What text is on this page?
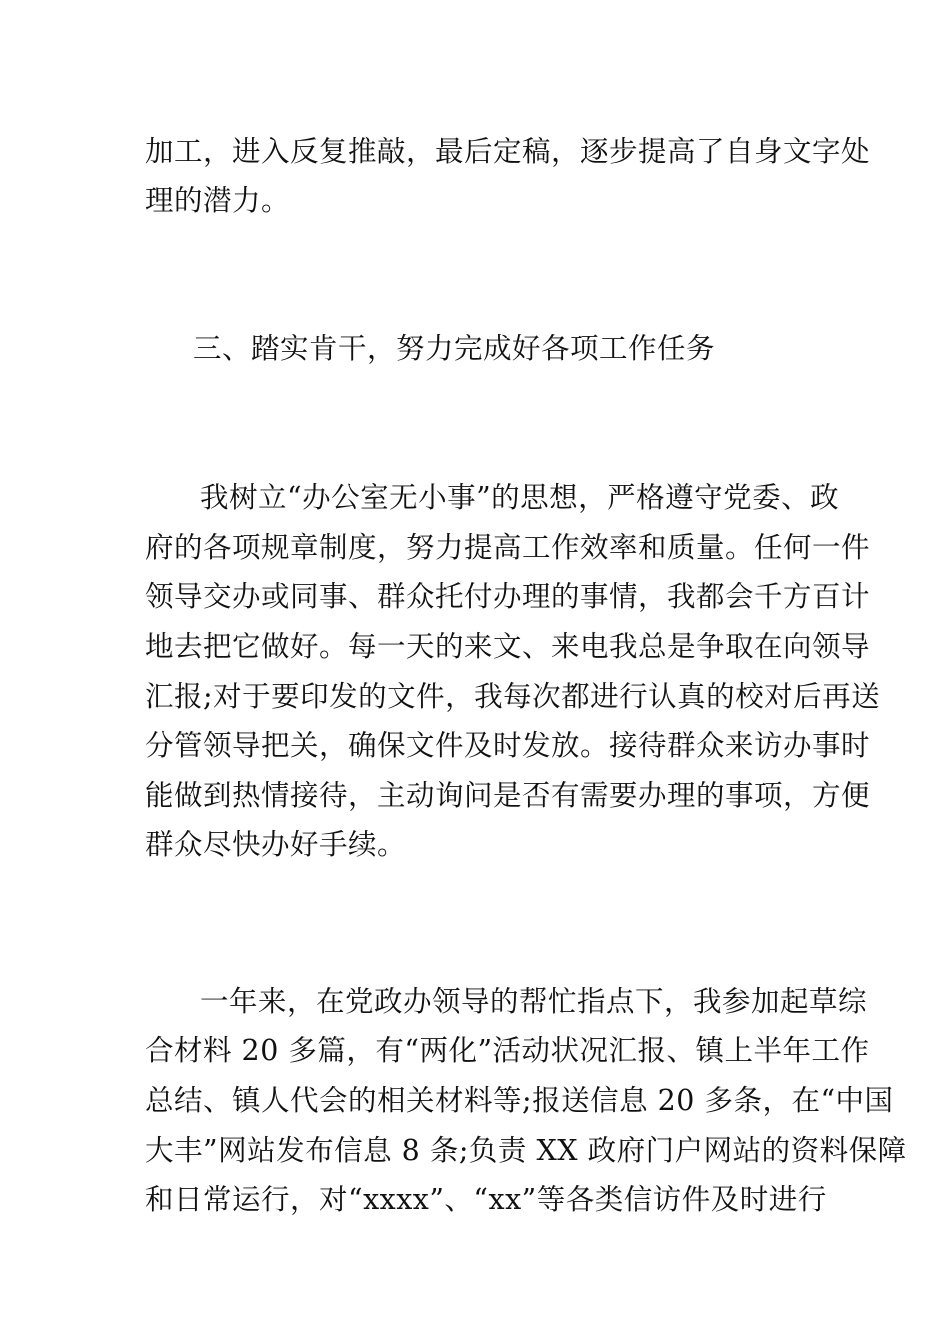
加工，进入反复推敲，最后定稿，逐步提高了自身文字处
理的潜力。
三、踏实肯干，努力完成好各项工作任务
我树立“办公室无小事”的思想，严格遵守党委、政
府的各项规章制度，努力提高工作效率和质量。任何一件
领导交办或同事、群众托付办理的事情，我都会千方百计
地去把它做好。每一天的来文、来电我总是争取在向领导
汇报;对于要印发的文件，我每次都进行认真的校对后再送
分管领导把关，确保文件及时发放。接待群众来访办事时
能做到热情接待，主动询问是否有需要办理的事项，方便
群众尽快办好手续。
一年来，在党政办领导的帮忙指点下，我参加起草综
合材料 20 多篇，有“两化”活动状况汇报、镇上半年工作
总结、镇人代会的相关材料等;报送信息 20 多条，在“中国
大丰”网站发布信息 8 条;负责 XX 政府门户网站的资料保障
和日常运行，对“xxxx”、“xx”等各类信访件及时进行
